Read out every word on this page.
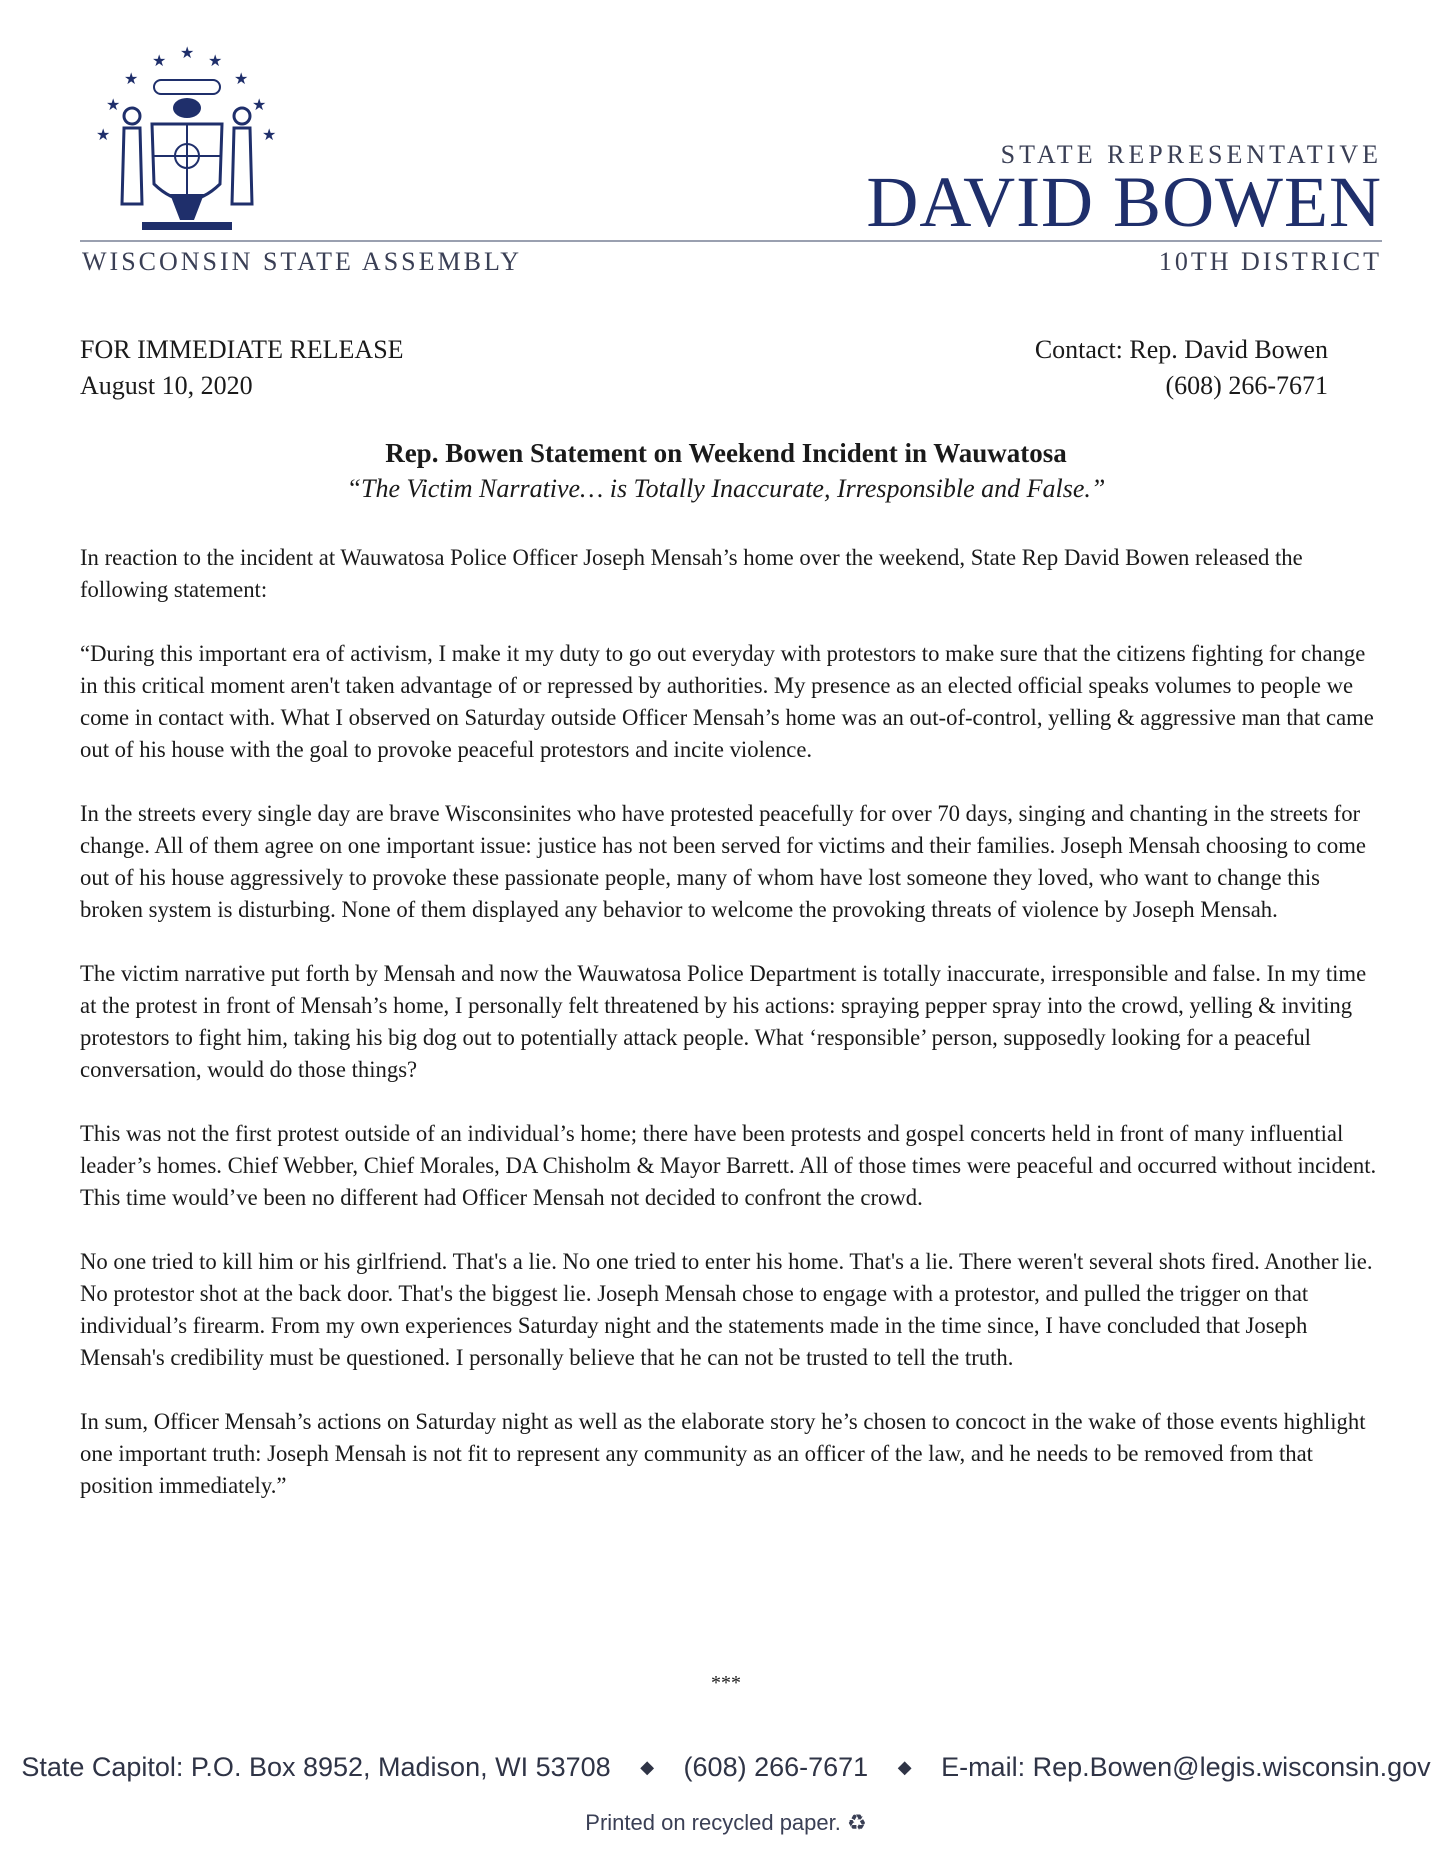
★ ★ ★
★	★
★	★
★	★
STATE REPRESENTATIVE
DAVID BOWEN
WISCONSIN STATE ASSEMBLY	10TH DISTRICT
FOR IMMEDIATE RELEASE
August 10, 2020
Contact: Rep. David Bowen
(608) 266-7671
Rep. Bowen Statement on Weekend Incident in Wauwatosa
“The Victim Narrative… is Totally Inaccurate, Irresponsible and False.”

In reaction to the incident at Wauwatosa Police Officer Joseph Mensah’s home over the weekend, State Rep David Bowen released the following statement:

“During this important era of activism, I make it my duty to go out everyday with protestors to make sure that the citizens fighting for change in this critical moment aren't taken advantage of or repressed by authorities. My presence as an elected official speaks volumes to people we come in contact with. What I observed on Saturday outside Officer Mensah’s home was an out-of-control, yelling & aggressive man that came out of his house with the goal to provoke peaceful protestors and incite violence.

In the streets every single day are brave Wisconsinites who have protested peacefully for over 70 days, singing and chanting in the streets for change. All of them agree on one important issue: justice has not been served for victims and their families. Joseph Mensah choosing to come out of his house aggressively to provoke these passionate people, many of whom have lost someone they loved, who want to change this broken system is disturbing. None of them displayed any behavior to welcome the provoking threats of violence by Joseph Mensah.

The victim narrative put forth by Mensah and now the Wauwatosa Police Department is totally inaccurate, irresponsible and false. In my time at the protest in front of Mensah’s home, I personally felt threatened by his actions: spraying pepper spray into the crowd, yelling & inviting protestors to fight him, taking his big dog out to potentially attack people. What ‘responsible’ person, supposedly looking for a peaceful conversation, would do those things?

This was not the first protest outside of an individual’s home; there have been protests and gospel concerts held in front of many influential leader’s homes. Chief Webber, Chief Morales, DA Chisholm & Mayor Barrett. All of those times were peaceful and occurred without incident. This time would’ve been no different had Officer Mensah not decided to confront the crowd.

No one tried to kill him or his girlfriend. That's a lie. No one tried to enter his home. That's a lie. There weren't several shots fired. Another lie. No protestor shot at the back door. That's the biggest lie. Joseph Mensah chose to engage with a protestor, and pulled the trigger on that individual’s firearm. From my own experiences Saturday night and the statements made in the time since, I have concluded that Joseph Mensah's credibility must be questioned. I personally believe that he can not be trusted to tell the truth.

In sum, Officer Mensah’s actions on Saturday night as well as the elaborate story he’s chosen to concoct in the wake of those events highlight one important truth: Joseph Mensah is not fit to represent any community as an officer of the law, and he needs to be removed from that position immediately.”

***
State Capitol: P.O. Box 8952, Madison, WI 53708 ◆ (608) 266-7671 ◆ E-mail: Rep.Bowen@legis.wisconsin.gov
Printed on recycled paper. ♻
